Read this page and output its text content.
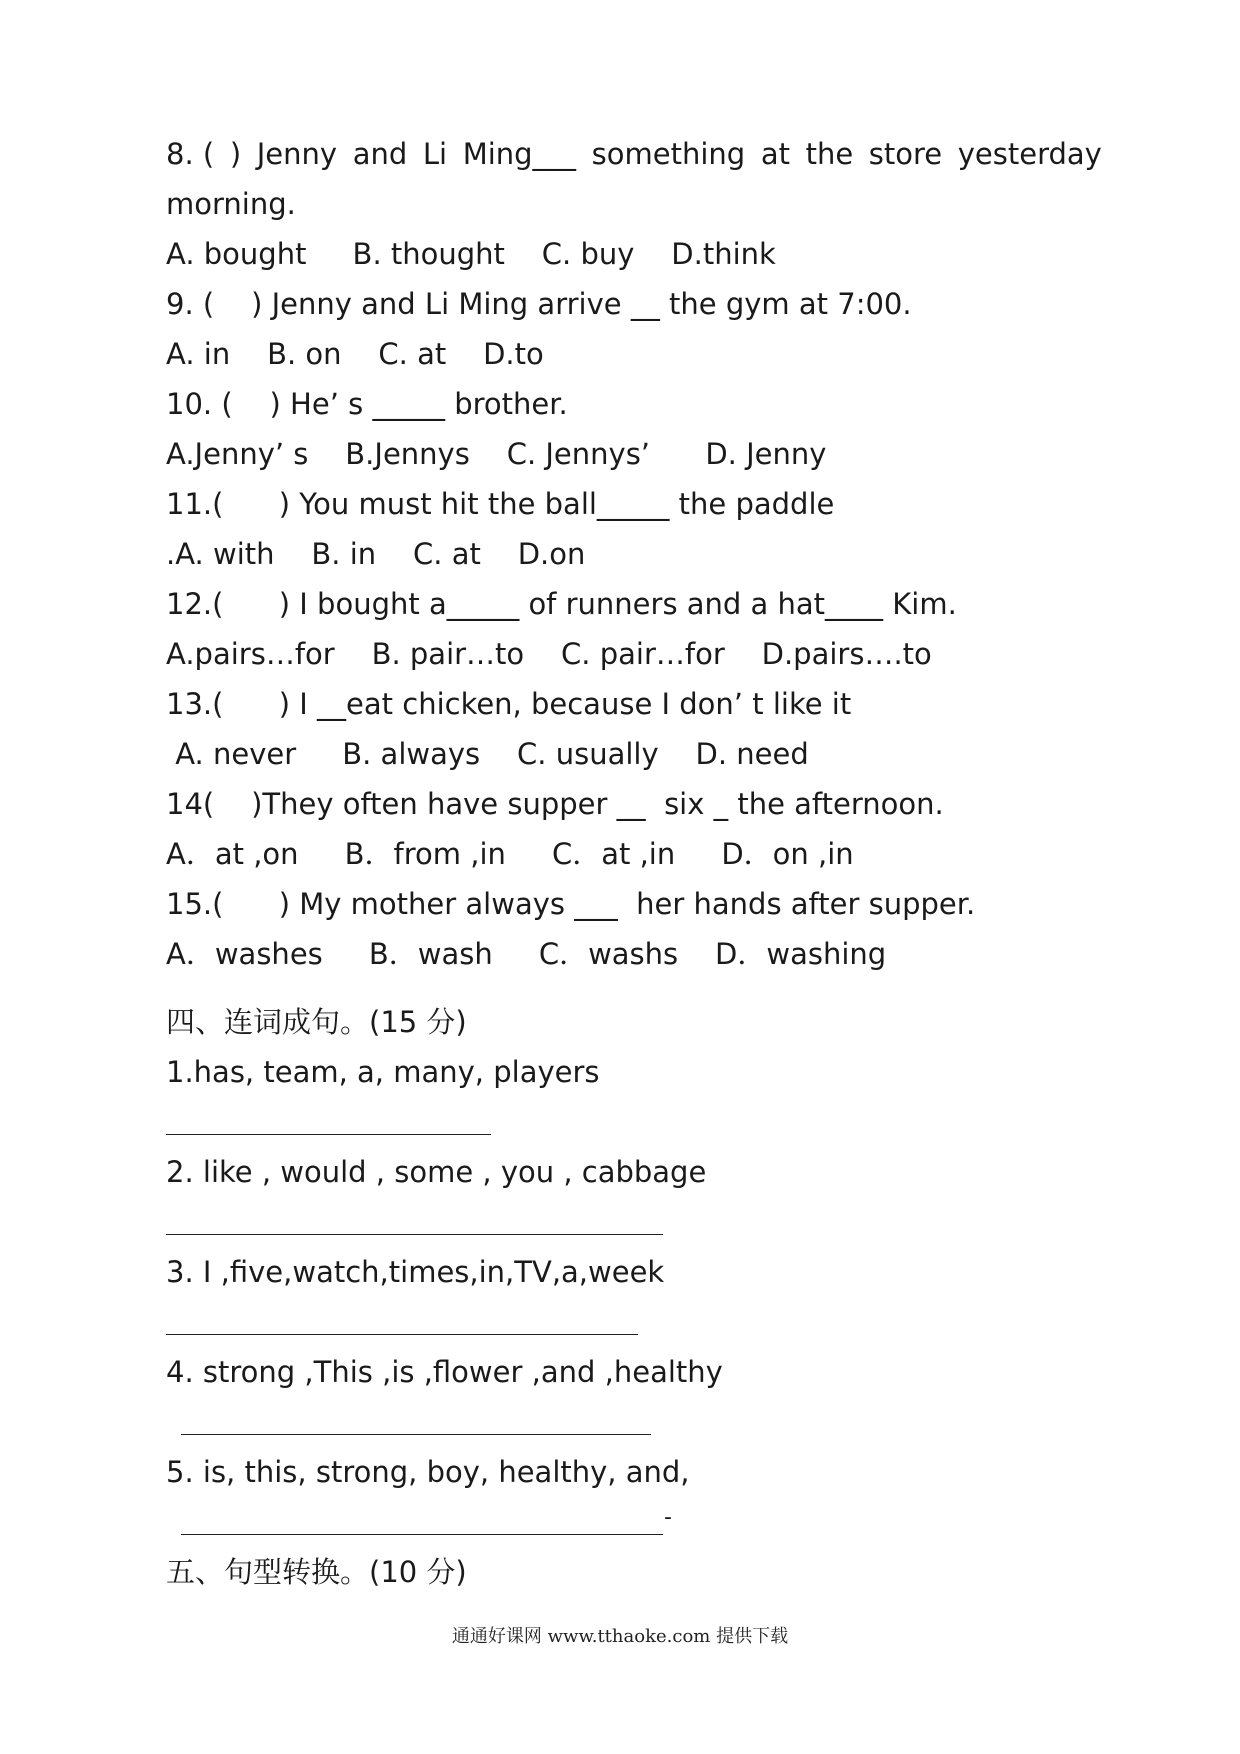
8. ( ) Jenny and Li Ming___ something at the store yesterday
morning.
A. bought     B. thought    C. buy    D.think
9. (    ) Jenny and Li Ming arrive __ the gym at 7:00.
A. in    B. on    C. at    D.to
10. (    ) He’ s _____ brother.
A.Jenny’ s    B.Jennys    C. Jennys’      D. Jenny
11.(      ) You must hit the ball_____ the paddle
.A. with    B. in    C. at    D.on
12.(      ) I bought a_____ of runners and a hat____ Kim.
A.pairs…for    B. pair…to    C. pair…for    D.pairs….to
13.(      ) I __eat chicken, because I don’ t like it
A. never     B. always    C. usually    D. need
14(    )They often have supper __  six _ the afternoon.
A．at ,on     B．from ,in     C．at ,in     D．on ,in
15.(      ) My mother always ___  her hands after supper.
A．washes     B．wash     C．washs    D．washing
四、连词成句。(15 分)
1.has, team, a, many, players
2. like , would , some , you , cabbage
3. I ,five,watch,times,in,TV,a,week
4. strong ,This ,is ,flower ,and ,healthy
5. is, this, strong, boy, healthy, and,
-
五、句型转换。(10 分)
通通好课网 www.tthaoke.com 提供下载
